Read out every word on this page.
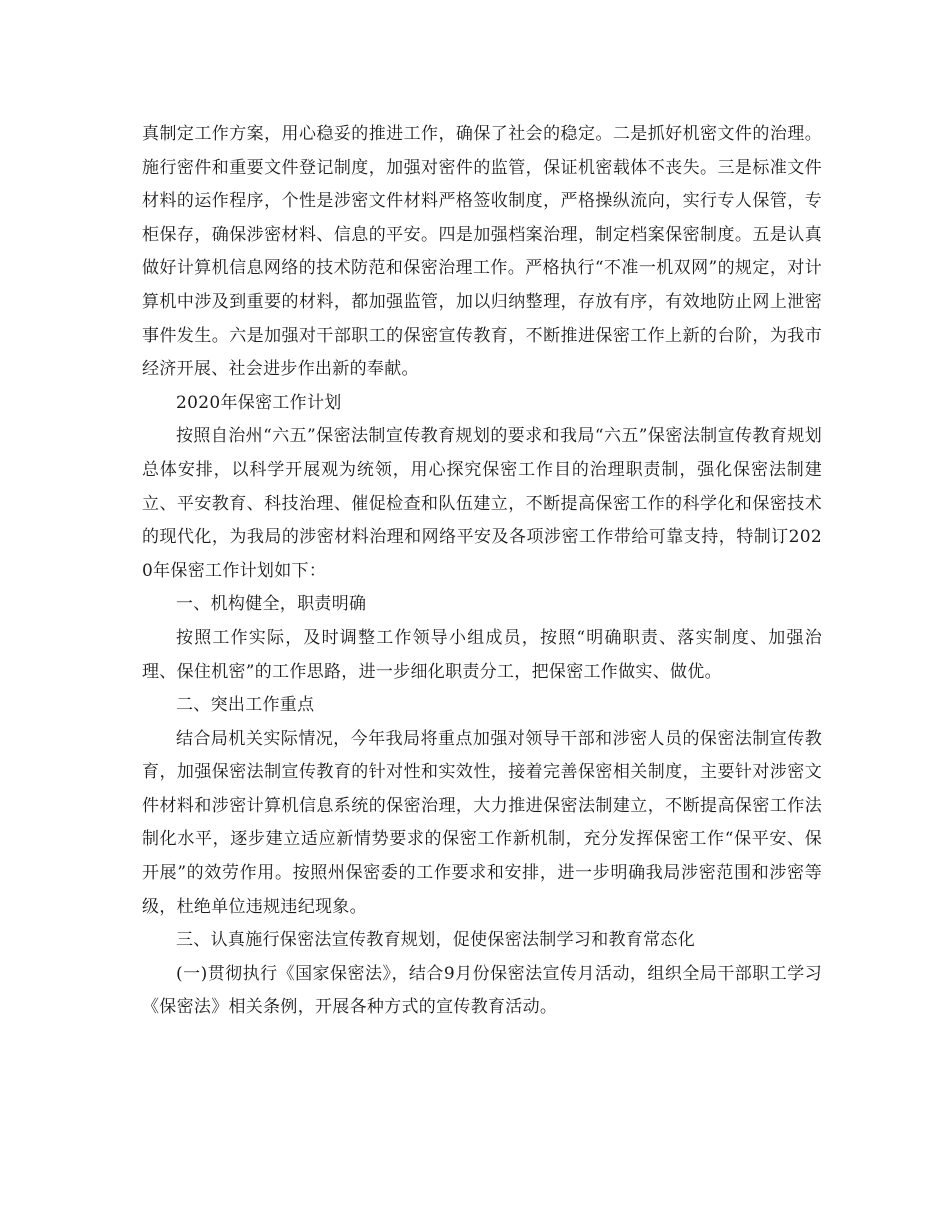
真制定工作方案，用心稳妥的推进工作，确保了社会的稳定。二是抓好机密文件的治理。施行密件和重要文件登记制度，加强对密件的监管，保证机密载体不丧失。三是标准文件材料的运作程序，个性是涉密文件材料严格签收制度，严格操纵流向，实行专人保管，专柜保存，确保涉密材料、信息的平安。四是加强档案治理，制定档案保密制度。五是认真做好计算机信息网络的技术防范和保密治理工作。严格执行“不准一机双网”的规定，对计算机中涉及到重要的材料，都加强监管，加以归纳整理，存放有序，有效地防止网上泄密事件发生。六是加强对干部职工的保密宣传教育，不断推进保密工作上新的台阶，为我市经济开展、社会进步作出新的奉献。

2020年保密工作计划

按照自治州“六五”保密法制宣传教育规划的要求和我局“六五”保密法制宣传教育规划总体安排，以科学开展观为统领，用心探究保密工作目的治理职责制，强化保密法制建立、平安教育、科技治理、催促检查和队伍建立，不断提高保密工作的科学化和保密技术的现代化，为我局的涉密材料治理和网络平安及各项涉密工作带给可靠支持，特制订2020年保密工作计划如下：

一、机构健全，职责明确

按照工作实际，及时调整工作领导小组成员，按照“明确职责、落实制度、加强治理、保住机密”的工作思路，进一步细化职责分工，把保密工作做实、做优。

二、突出工作重点

结合局机关实际情况，今年我局将重点加强对领导干部和涉密人员的保密法制宣传教育，加强保密法制宣传教育的针对性和实效性，接着完善保密相关制度，主要针对涉密文件材料和涉密计算机信息系统的保密治理，大力推进保密法制建立，不断提高保密工作法制化水平，逐步建立适应新情势要求的保密工作新机制，充分发挥保密工作“保平安、保开展”的效劳作用。按照州保密委的工作要求和安排，进一步明确我局涉密范围和涉密等级，杜绝单位违规违纪现象。

三、认真施行保密法宣传教育规划，促使保密法制学习和教育常态化

(一)贯彻执行《国家保密法》，结合9月份保密法宣传月活动，组织全局干部职工学习《保密法》相关条例，开展各种方式的宣传教育活动。
